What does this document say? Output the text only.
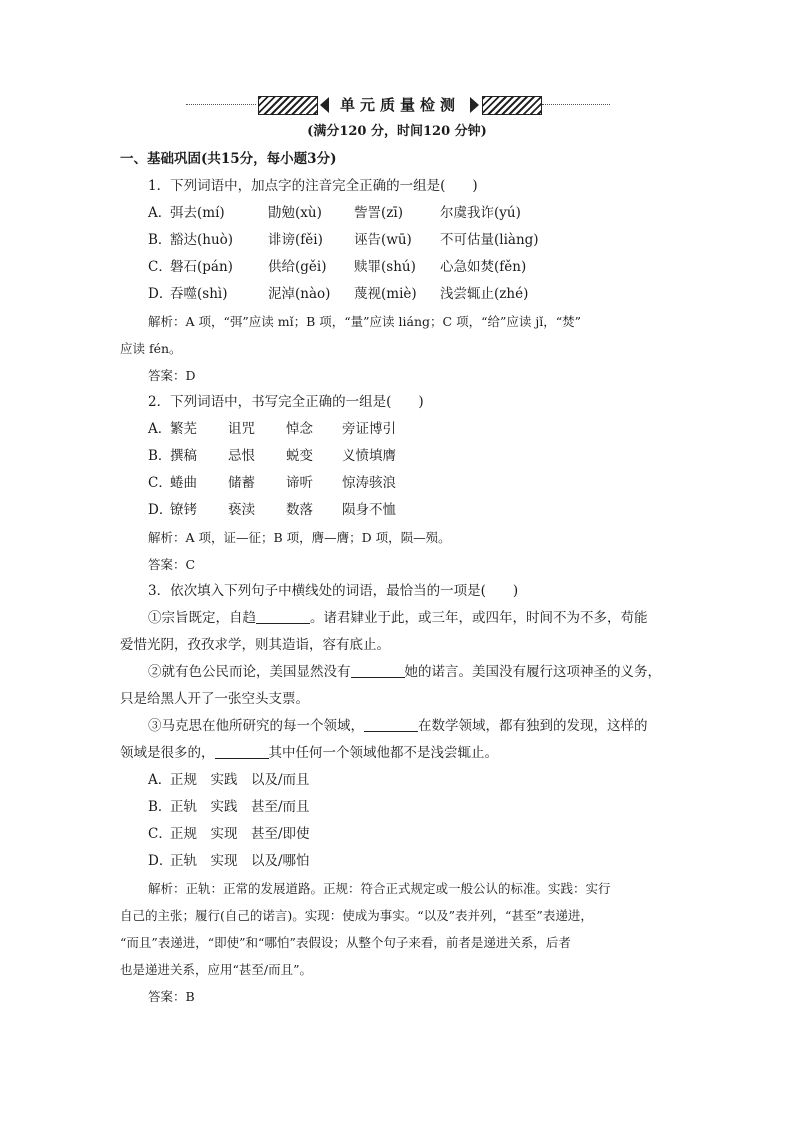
单元质量检测
(满分120 分，时间120 分钟)
一、基础巩固(共15分，每小题3分)
1．下列词语中，加点字的注音完全正确的一组是(　　)
A．弭去(mí)	勖勉(xù) 訾詈(zī)	尔虞我诈(yú)
B．豁达(huò)	诽谤(fěi) 诬告(wū) 不可估量(liàng)
C．磐石(pán)	供给(gěi) 赎罪(shú) 心急如焚(fěn)
D．吞噬(shì)	泥淖(nào) 蔑视(miè) 浅尝辄止(zhé)
解析：A 项，“弭”应读 mǐ；B 项，“量”应读 liáng；C 项，“给”应读 jǐ，“焚”
应读 fén。
答案：D
2．下列词语中，书写完全正确的一组是(　　)
A．繁芜 诅咒 悼念 旁证博引
B．撰稿 忌恨 蜕变 义愤填膺
C．蜷曲 储蓄 谛听 惊涛骇浪
D．镣铐 亵渎 数落 陨身不恤
解析：A 项，证—征；B 项，膺—膺；D 项，陨—殒。
答案：C
3．依次填入下列句子中横线处的词语，最恰当的一项是(　　)
①宗旨既定，自趋	。诸君肄业于此，或三年，或四年，时间不为不多，苟能
爱惜光阴，孜孜求学，则其造诣，容有底止。
②就有色公民而论，美国显然没有	她的诺言。美国没有履行这项神圣的义务，
只是给黑人开了一张空头支票。
③马克思在他所研究的每一个领域，	在数学领域，都有独到的发现，这样的
领域是很多的，	其中任何一个领域他都不是浅尝辄止。
A．正规　实践　以及/而且
B．正轨　实践　甚至/而且
C．正规　实现　甚至/即使
D．正轨　实现　以及/哪怕
解析：正轨：正常的发展道路。正规：符合正式规定或一般公认的标准。实践：实行
自己的主张；履行(自己的诺言)。实现：使成为事实。“以及”表并列，“甚至”表递进，
“而且”表递进，“即使”和“哪怕”表假设；从整个句子来看，前者是递进关系，后者
也是递进关系，应用“甚至/而且”。
答案：B
